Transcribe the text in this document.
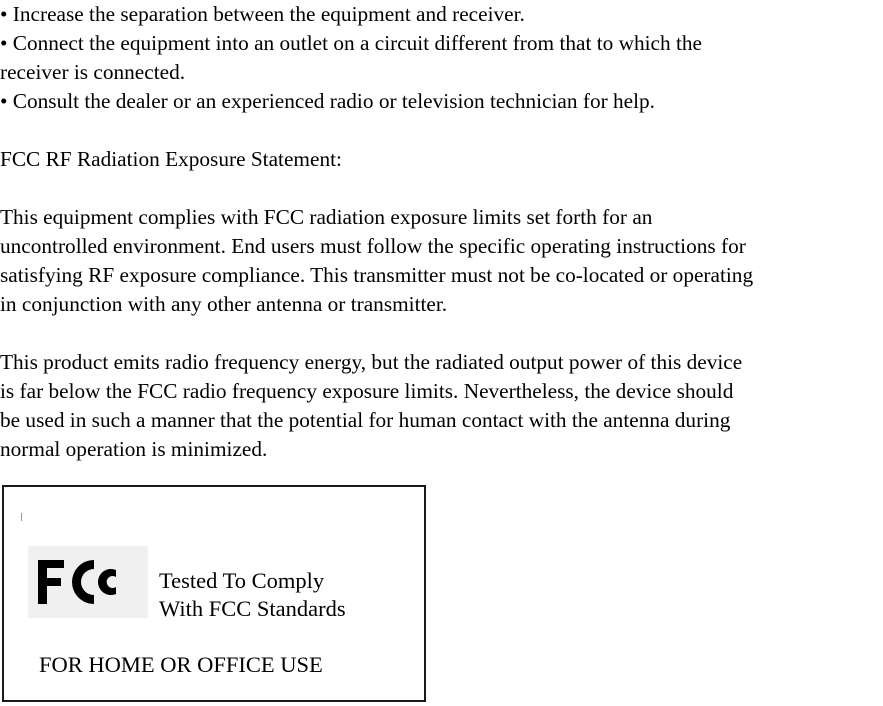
• Increase the separation between the equipment and receiver.

• Connect the equipment into an outlet on a circuit different from that to which the

receiver is connected.

• Consult the dealer or an experienced radio or television technician for help.

FCC RF Radiation Exposure Statement:

This equipment complies with FCC radiation exposure limits set forth for an

uncontrolled environment. End users must follow the specific operating instructions for

satisfying RF exposure compliance. This transmitter must not be co-located or operating

in conjunction with any other antenna or transmitter.

This product emits radio frequency energy, but the radiated output power of this device

is far below the FCC radio frequency exposure limits. Nevertheless, the device should

be used in such a manner that the potential for human contact with the antenna during

normal operation is minimized.

Tested To Comply
With FCC Standards
FOR HOME OR OFFICE USE
